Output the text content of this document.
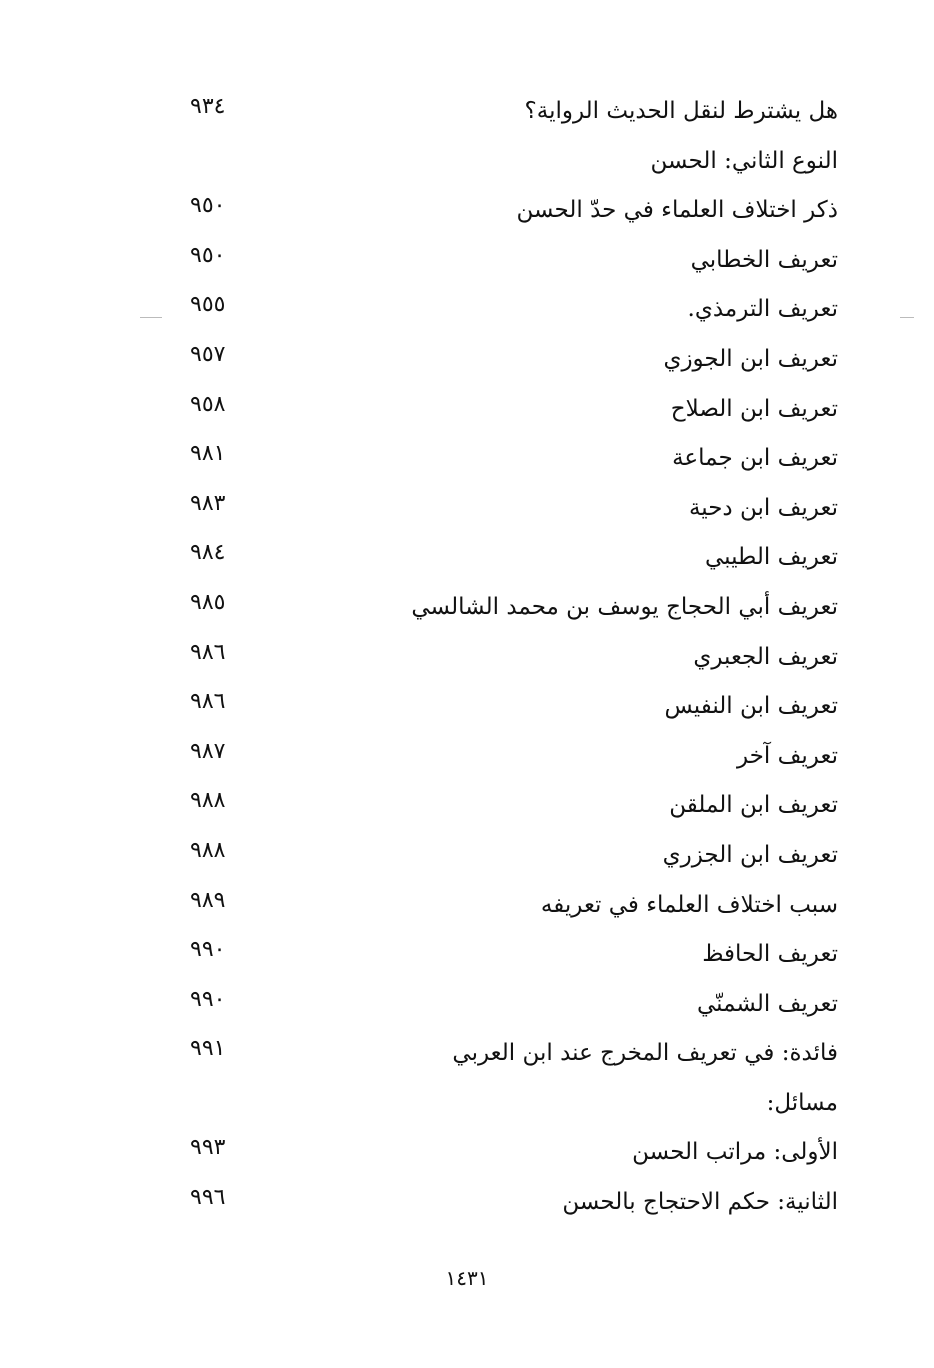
هل يشترط لنقل الحديث الرواية؟
٩٣٤
النوع الثاني: الحسن
ذكر اختلاف العلماء في حدّ الحسن
٩٥٠
تعريف الخطابي
٩٥٠
تعريف الترمذي.
٩٥٥
تعريف ابن الجوزي
٩٥٧
تعريف ابن الصلاح
٩٥٨
تعريف ابن جماعة
٩٨١
تعريف ابن دحية
٩٨٣
تعريف الطيبي
٩٨٤
تعريف أبي الحجاج يوسف بن محمد الشالسي
٩٨٥
تعريف الجعبري
٩٨٦
تعريف ابن النفيس
٩٨٦
تعريف آخر
٩٨٧
تعريف ابن الملقن
٩٨٨
تعريف ابن الجزري
٩٨٨
سبب اختلاف العلماء في تعريفه
٩٨٩
تعريف الحافظ
٩٩٠
تعريف الشمنّي
٩٩٠
فائدة: في تعريف المخرج عند ابن العربي
٩٩١
مسائل:
الأولى: مراتب الحسن
٩٩٣
الثانية: حكم الاحتجاج بالحسن
٩٩٦
١٤٣١
